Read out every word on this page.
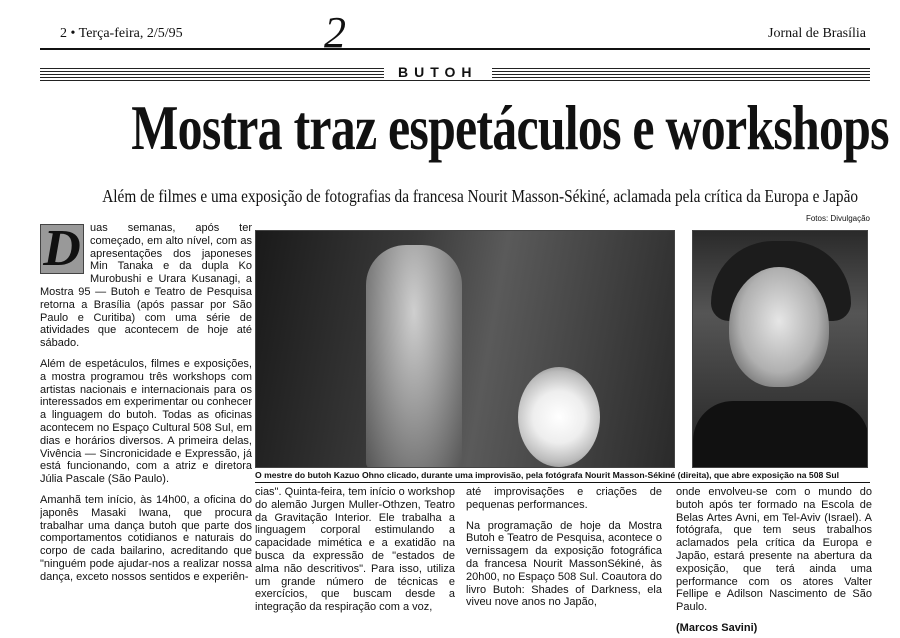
2 • Terça-feira, 2/5/95	2	Jornal de Brasília
BUTOH
Mostra traz espetáculos e workshops
Além de filmes e uma exposição de fotografias da francesa Nourit Masson-Sékiné, aclamada pela crítica da Europa e Japão
Fotos: Divulgação
D uas semanas, após ter começado, em alto nível, com as apresentações dos japoneses Min Tanaka e da dupla Ko Murobushi e Urara Kusanagi, a Mostra 95 — Butoh e Teatro de Pesquisa retorna a Brasília (após passar por São Paulo e Curitiba) com uma série de atividades que acontecem de hoje até sábado.

Além de espetáculos, filmes e exposições, a mostra programou três workshops com artistas nacionais e internacionais para os interessados em experimentar ou conhecer a linguagem do butoh. Todas as oficinas acontecem no Espaço Cultural 508 Sul, em dias e horários diversos. A primeira delas, Vivência — Sincronicidade e Expressão, já está funcionando, com a atriz e diretora Júlia Pascale (São Paulo).

Amanhã tem início, às 14h00, a oficina do japonês Masaki Iwana, que procura trabalhar uma dança butoh que parte dos comportamentos cotidianos e naturais do corpo de cada bailarino, acreditando que "ninguém pode ajudar-nos a realizar nossa dança, exceto nossos sentidos e experiên-

O mestre do butoh Kazuo Ohno clicado, durante uma improvisão, pela fotógrafa Nourit Masson-Sékiné (direita), que abre exposição na 508 Sul

cias". Quinta-feira, tem início o workshop do alemão Jurgen Muller-Othzen, Teatro da Gravitação Interior. Ele trabalha a linguagem corporal estimulando a capacidade mimética e a exatidão na busca da expressão de "estados de alma não descritivos". Para isso, utiliza um grande número de técnicas e exercícios, que buscam desde a integração da respiração com a voz,

até improvisações e criações de pequenas performances.

Na programação de hoje da Mostra Butoh e Teatro de Pesquisa, acontece o vernissagem da exposição fotográfica da francesa Nourit MassonSékiné, às 20h00, no Espaço 508 Sul. Coautora do livro Butoh: Shades of Darkness, ela viveu nove anos no Japão,

onde envolveu-se com o mundo do butoh após ter formado na Escola de Belas Artes Avni, em Tel-Aviv (Israel). A fotógrafa, que tem seus trabalhos aclamados pela crítica da Europa e Japão, estará presente na abertura da exposição, que terá ainda uma performance com os atores Valter Fellipe e Adilson Nascimento de São Paulo.

(Marcos Savini)
